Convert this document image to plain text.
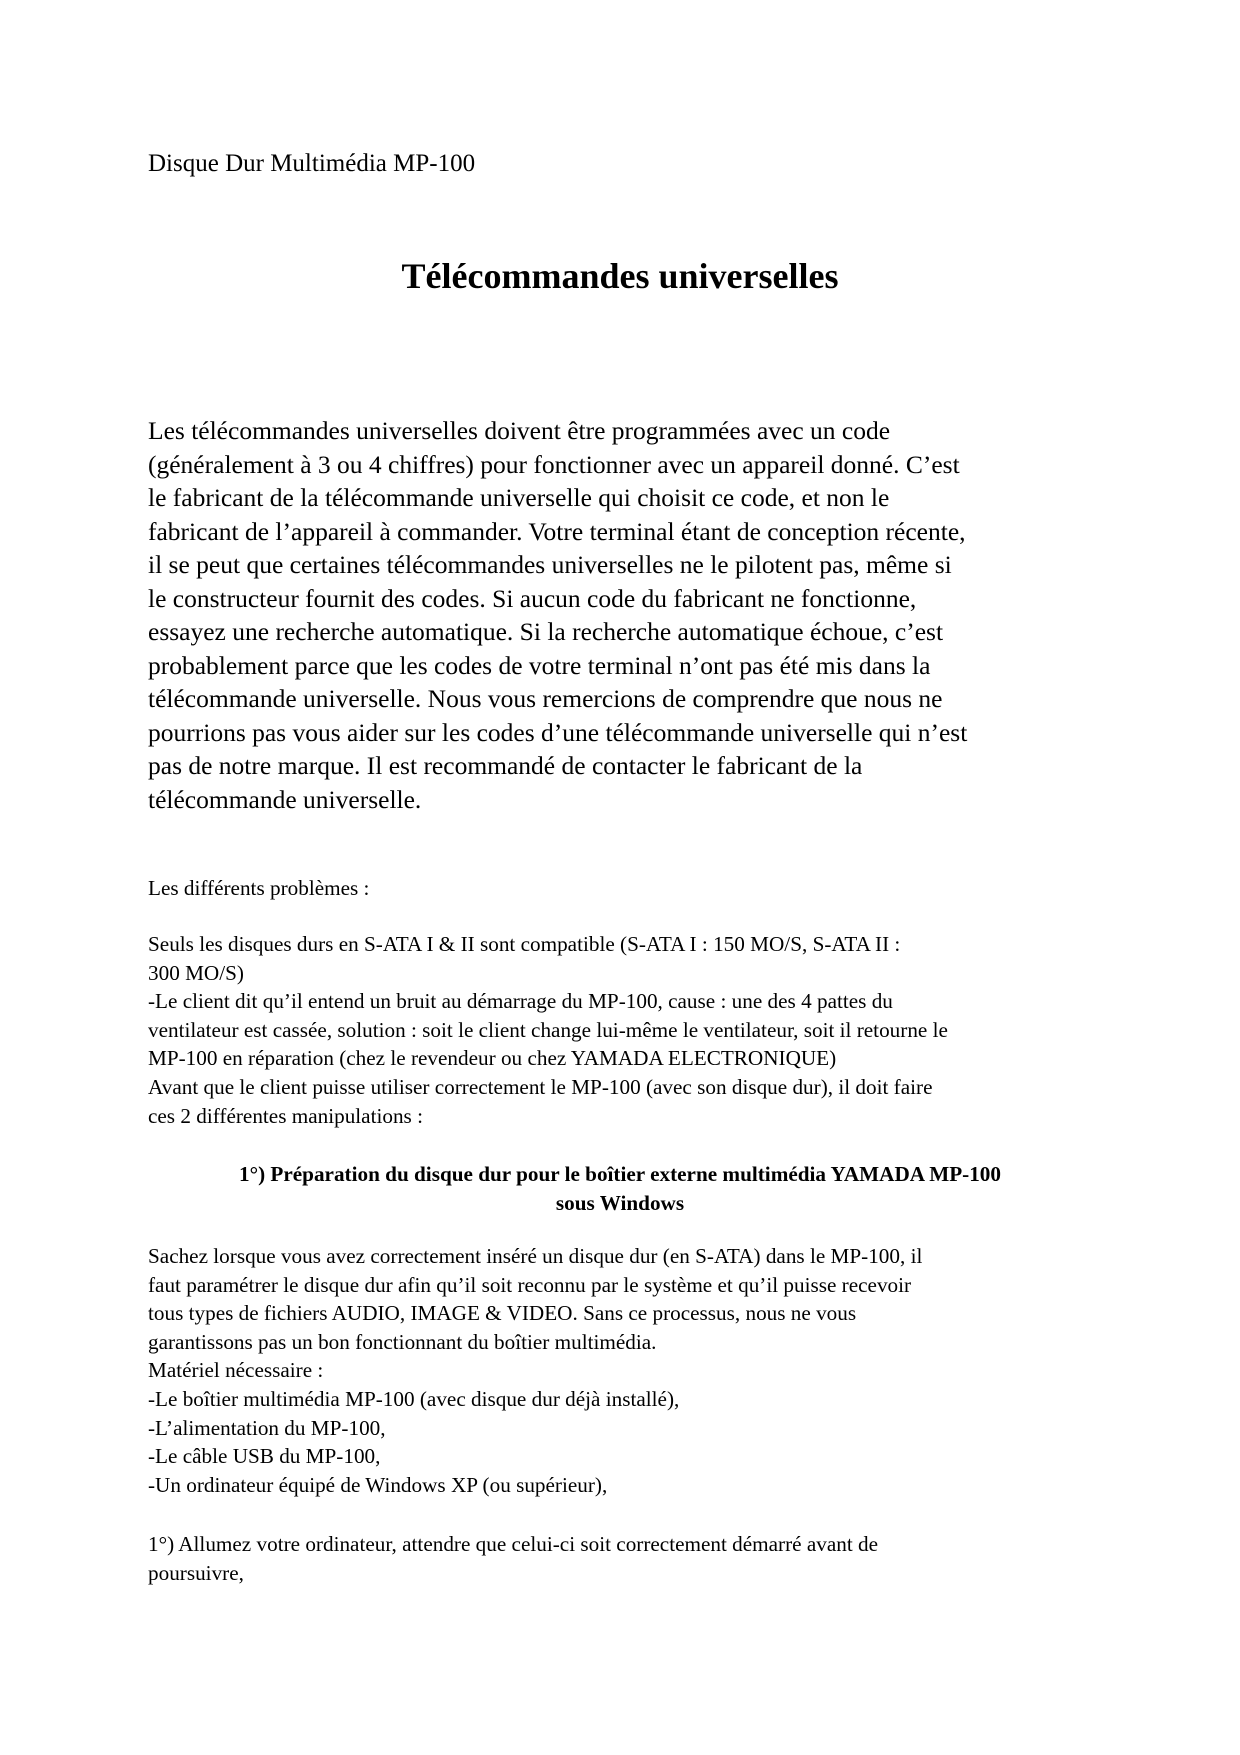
Disque Dur Multimédia MP-100
Télécommandes universelles

Les télécommandes universelles doivent être programmées avec un code
(généralement à 3 ou 4 chiffres) pour fonctionner avec un appareil donné. C’est
le fabricant de la télécommande universelle qui choisit ce code, et non le
fabricant de l’appareil à commander. Votre terminal étant de conception récente,
il se peut que certaines télécommandes universelles ne le pilotent pas, même si
le constructeur fournit des codes. Si aucun code du fabricant ne fonctionne,
essayez une recherche automatique. Si la recherche automatique échoue, c’est
probablement parce que les codes de votre terminal n’ont pas été mis dans la
télécommande universelle. Nous vous remercions de comprendre que nous ne
pourrions pas vous aider sur les codes d’une télécommande universelle qui n’est
pas de notre marque. Il est recommandé de contacter le fabricant de la
télécommande universelle.

Les différents problèmes :

Seuls les disques durs en S-ATA I & II sont compatible (S-ATA I : 150 MO/S, S-ATA II :
300 MO/S)
-Le client dit qu’il entend un bruit au démarrage du MP-100, cause : une des 4 pattes du
ventilateur est cassée, solution : soit le client change lui-même le ventilateur, soit il retourne le
MP-100 en réparation (chez le revendeur ou chez YAMADA ELECTRONIQUE)
Avant que le client puisse utiliser correctement le MP-100 (avec son disque dur), il doit faire
ces 2 différentes manipulations :

1°) Préparation du disque dur pour le boîtier externe multimédia YAMADA MP-100
sous Windows

Sachez lorsque vous avez correctement inséré un disque dur (en S-ATA) dans le MP-100, il
faut paramétrer le disque dur afin qu’il soit reconnu par le système et qu’il puisse recevoir
tous types de fichiers AUDIO, IMAGE & VIDEO. Sans ce processus, nous ne vous
garantissons pas un bon fonctionnant du boîtier multimédia.
Matériel nécessaire :
-Le boîtier multimédia MP-100 (avec disque dur déjà installé),
-L’alimentation du MP-100,
-Le câble USB du MP-100,
-Un ordinateur équipé de Windows XP (ou supérieur),

1°) Allumez votre ordinateur, attendre que celui-ci soit correctement démarré avant de
poursuivre,
